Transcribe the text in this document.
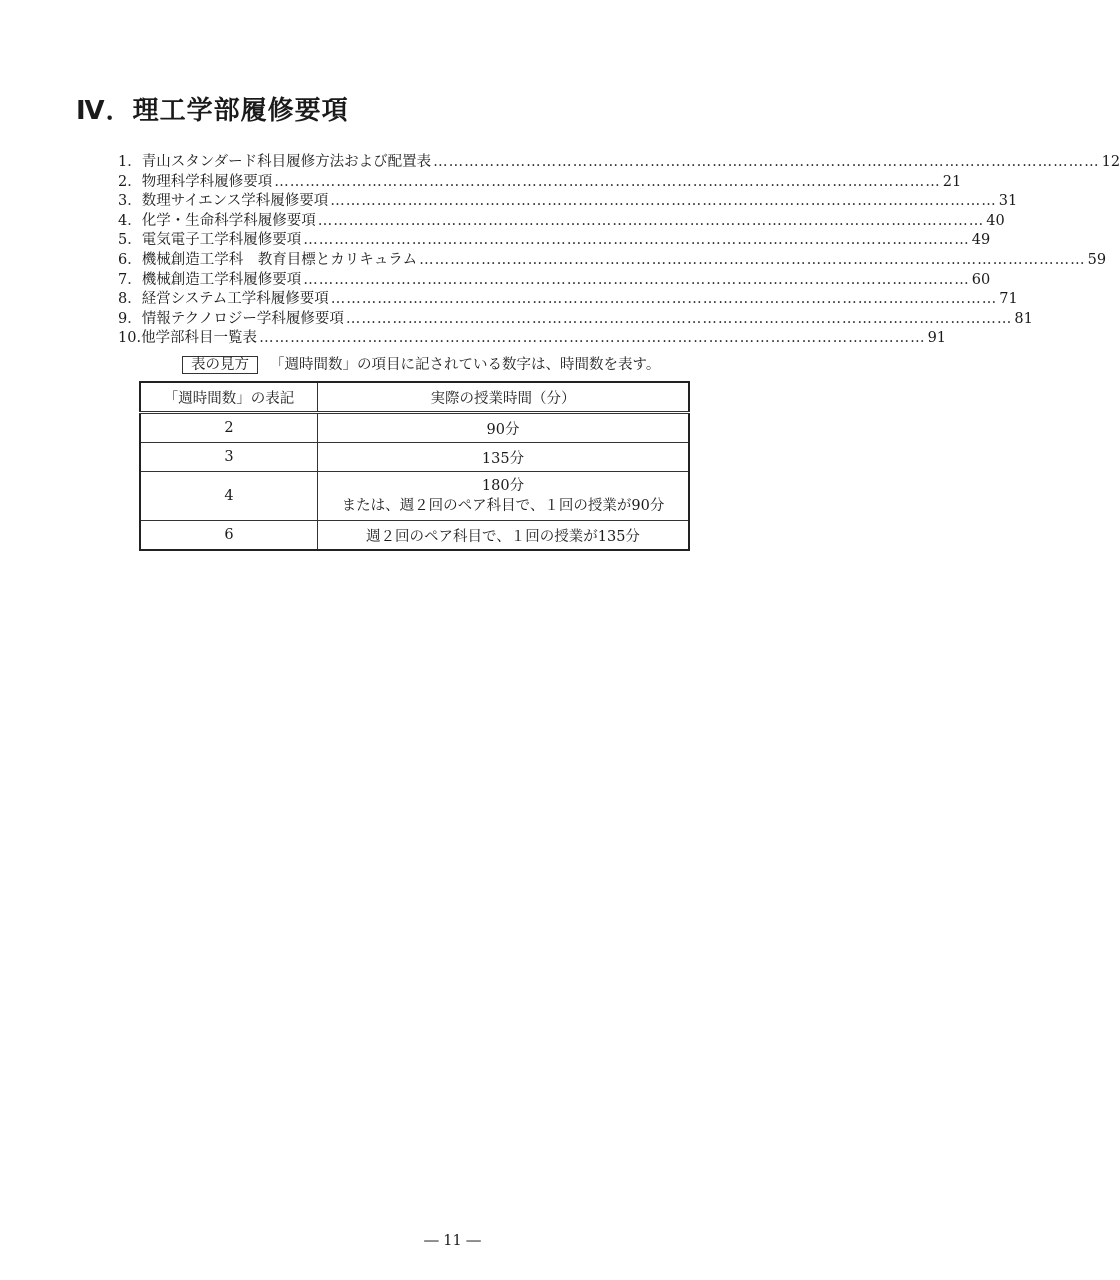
Ⅳ．理工学部履修要項
1． 青山スタンダード科目履修方法および配置表 ………………………………………………………………………………………………………………… 12
2． 物理科学科履修要項 ………………………………………………………………………………………………………………… 21
3． 数理サイエンス学科履修要項 ………………………………………………………………………………………………………………… 31
4． 化学・生命科学科履修要項 ………………………………………………………………………………………………………………… 40
5． 電気電子工学科履修要項 ………………………………………………………………………………………………………………… 49
6． 機械創造工学科　教育目標とカリキュラム ………………………………………………………………………………………………………………… 59
7． 機械創造工学科履修要項 ………………………………………………………………………………………………………………… 60
8． 経営システム工学科履修要項 ………………………………………………………………………………………………………………… 71
9． 情報テクノロジー学科履修要項 ………………………………………………………………………………………………………………… 81
10. 他学部科目一覧表 ………………………………………………………………………………………………………………… 91
表の見方 「週時間数」の項目に記されている数字は、時間数を表す。
「週時間数」の表記	実際の授業時間（分）
2	90分
3	135分
4	180分
または、週２回のペア科目で、１回の授業が90分

6	週２回のペア科目で、１回の授業が135分
― 11 ―
